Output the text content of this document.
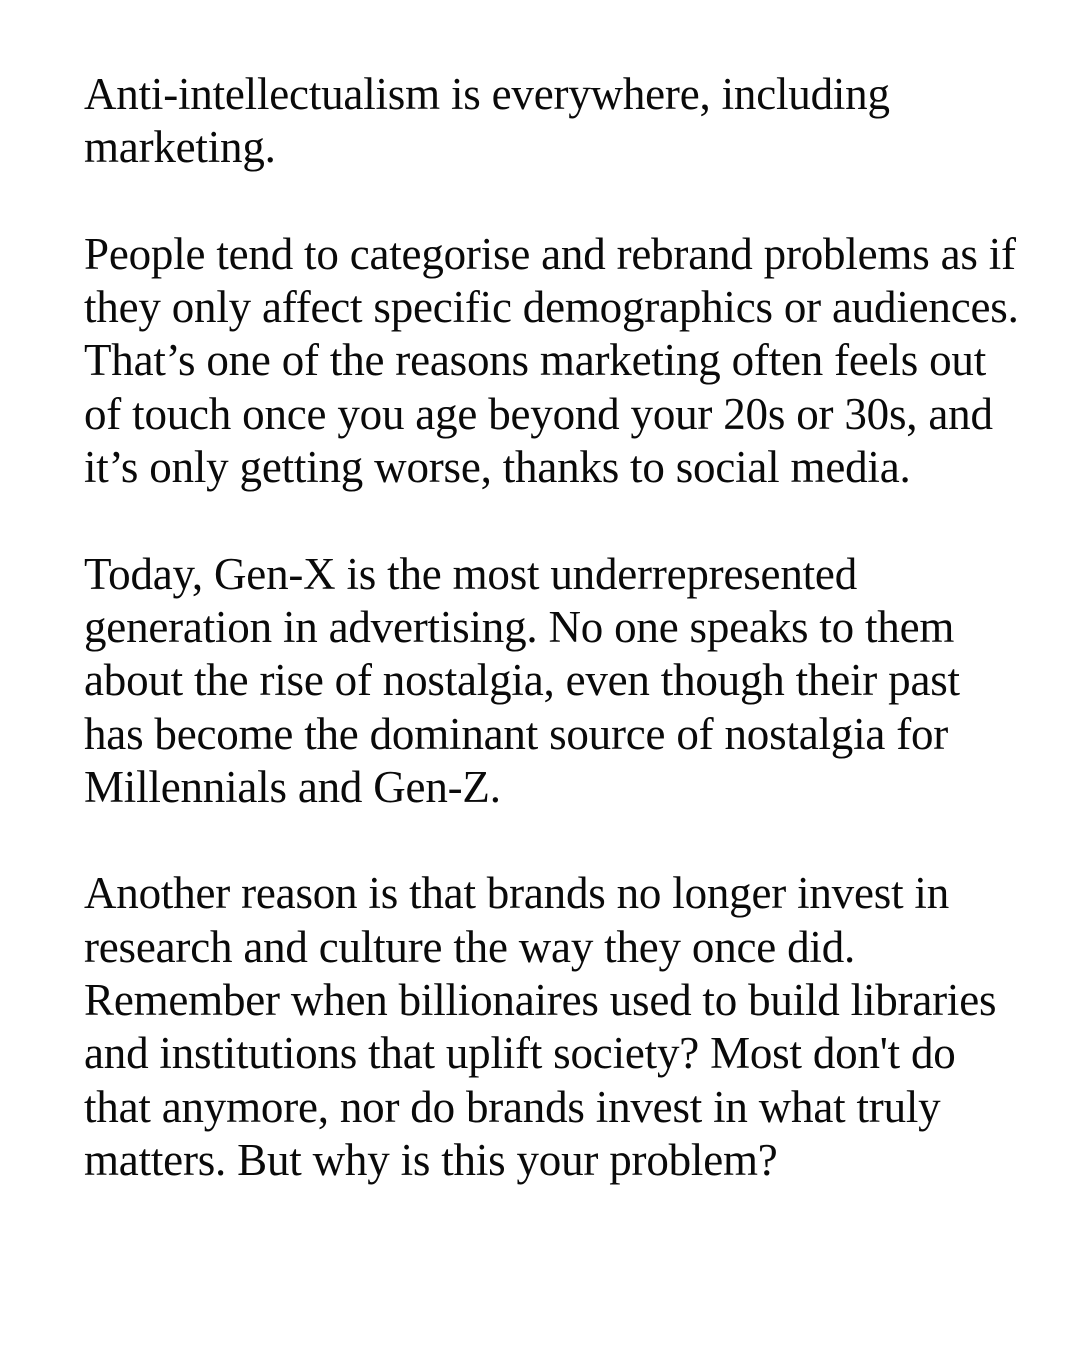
Anti-intellectualism is everywhere, including marketing.

People tend to categorise and rebrand problems as if they only affect specific demographics or audiences. That’s one of the reasons marketing often feels out of touch once you age beyond your 20s or 30s, and it’s only getting worse, thanks to social media.

Today, Gen-X is the most underrepresented generation in advertising. No one speaks to them about the rise of nostalgia, even though their past has become the dominant source of nostalgia for Millennials and Gen-Z.

Another reason is that brands no longer invest in research and culture the way they once did. Remember when billionaires used to build libraries and institutions that uplift society? Most don't do that anymore, nor do brands invest in what truly matters. But why is this your problem?
